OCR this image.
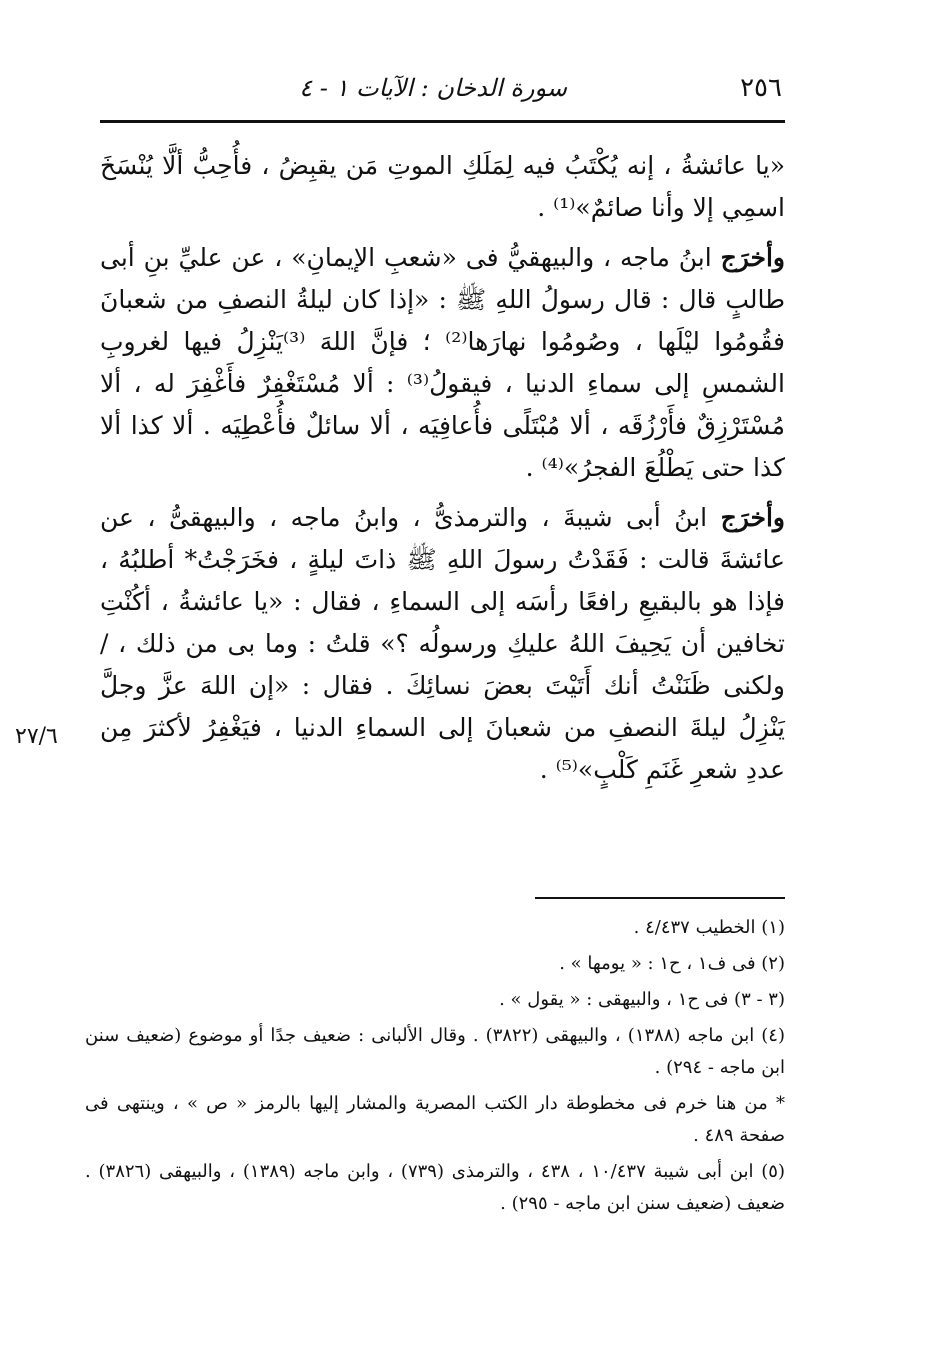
٢٥٦
سورة الدخان : الآيات ١ - ٤

«يا عائشةُ ، إنه يُكْتَبُ فيه لِمَلَكِ الموتِ مَن يقبِضُ ، فأُحِبُّ ألَّا يُنْسَخَ اسمِي إلا وأنا صائمٌ»⁽¹⁾ .

وأخرَج ابنُ ماجه ، والبيهقيُّ فى «شعبِ الإيمانِ» ، عن عليِّ بنِ أبى طالبٍ قال : قال رسولُ اللهِ ﷺ : «إذا كان ليلةُ النصفِ من شعبانَ فقُومُوا ليْلَها ، وصُومُوا نهارَها⁽²⁾ ؛ فإنَّ اللهَ ⁽³⁾يَنْزِلُ فيها لغروبِ الشمسِ إلى سماءِ الدنيا ، فيقولُ⁽³⁾ : ألا مُسْتَغْفِرٌ فأَغْفِرَ له ، ألا مُسْتَرْزِقٌ فأَرْزُقَه ، ألا مُبْتَلًى فأُعافِيَه ، ألا سائلٌ فأُعْطِيَه . ألا كذا ألا كذا حتى يَطْلُعَ الفجرُ»⁽⁴⁾ .

وأخرَج ابنُ أبى شيبةَ ، والترمذىُّ ، وابنُ ماجه ، والبيهقىُّ ، عن عائشةَ قالت : فَقَدْتُ رسولَ اللهِ ﷺ ذاتَ ليلةٍ ، فخَرَجْتُ* أطلبُهُ ، فإذا هو بالبقيعِ رافعًا رأسَه إلى السماءِ ، فقال : «يا عائشةُ ، أكُنْتِ تخافين أن يَحِيفَ اللهُ عليكِ ورسولُه ؟» قلتُ : وما بى من ذلك ، /ولكنى ظَنَنْتُ أنك أَتَيْتَ بعضَ نسائِكَ . فقال : «إن اللهَ عزَّ وجلَّ يَنْزِلُ ليلةَ النصفِ من شعبانَ إلى السماءِ الدنيا ، فيَغْفِرُ لأكثرَ مِن عددِ شعرِ غَنَمِ كَلْبٍ»⁽⁵⁾ .

٢٧/٦

(١) الخطيب ٤/٤٣٧ .

(٢) فى ف١ ، ح١ : « يومها » .

(٣ - ٣) فى ح١ ، والبيهقى : « يقول » .

(٤) ابن ماجه (١٣٨٨) ، والبيهقى (٣٨٢٢) . وقال الألبانى : ضعيف جدًا أو موضوع (ضعيف سنن ابن ماجه - ٢٩٤) .

* من هنا خرم فى مخطوطة دار الكتب المصرية والمشار إليها بالرمز « ص » ، وينتهى فى صفحة ٤٨٩ .

(٥) ابن أبى شيبة ١٠/٤٣٧ ، ٤٣٨ ، والترمذى (٧٣٩) ، وابن ماجه (١٣٨٩) ، والبيهقى (٣٨٢٦) . ضعيف (ضعيف سنن ابن ماجه - ٢٩٥) .
